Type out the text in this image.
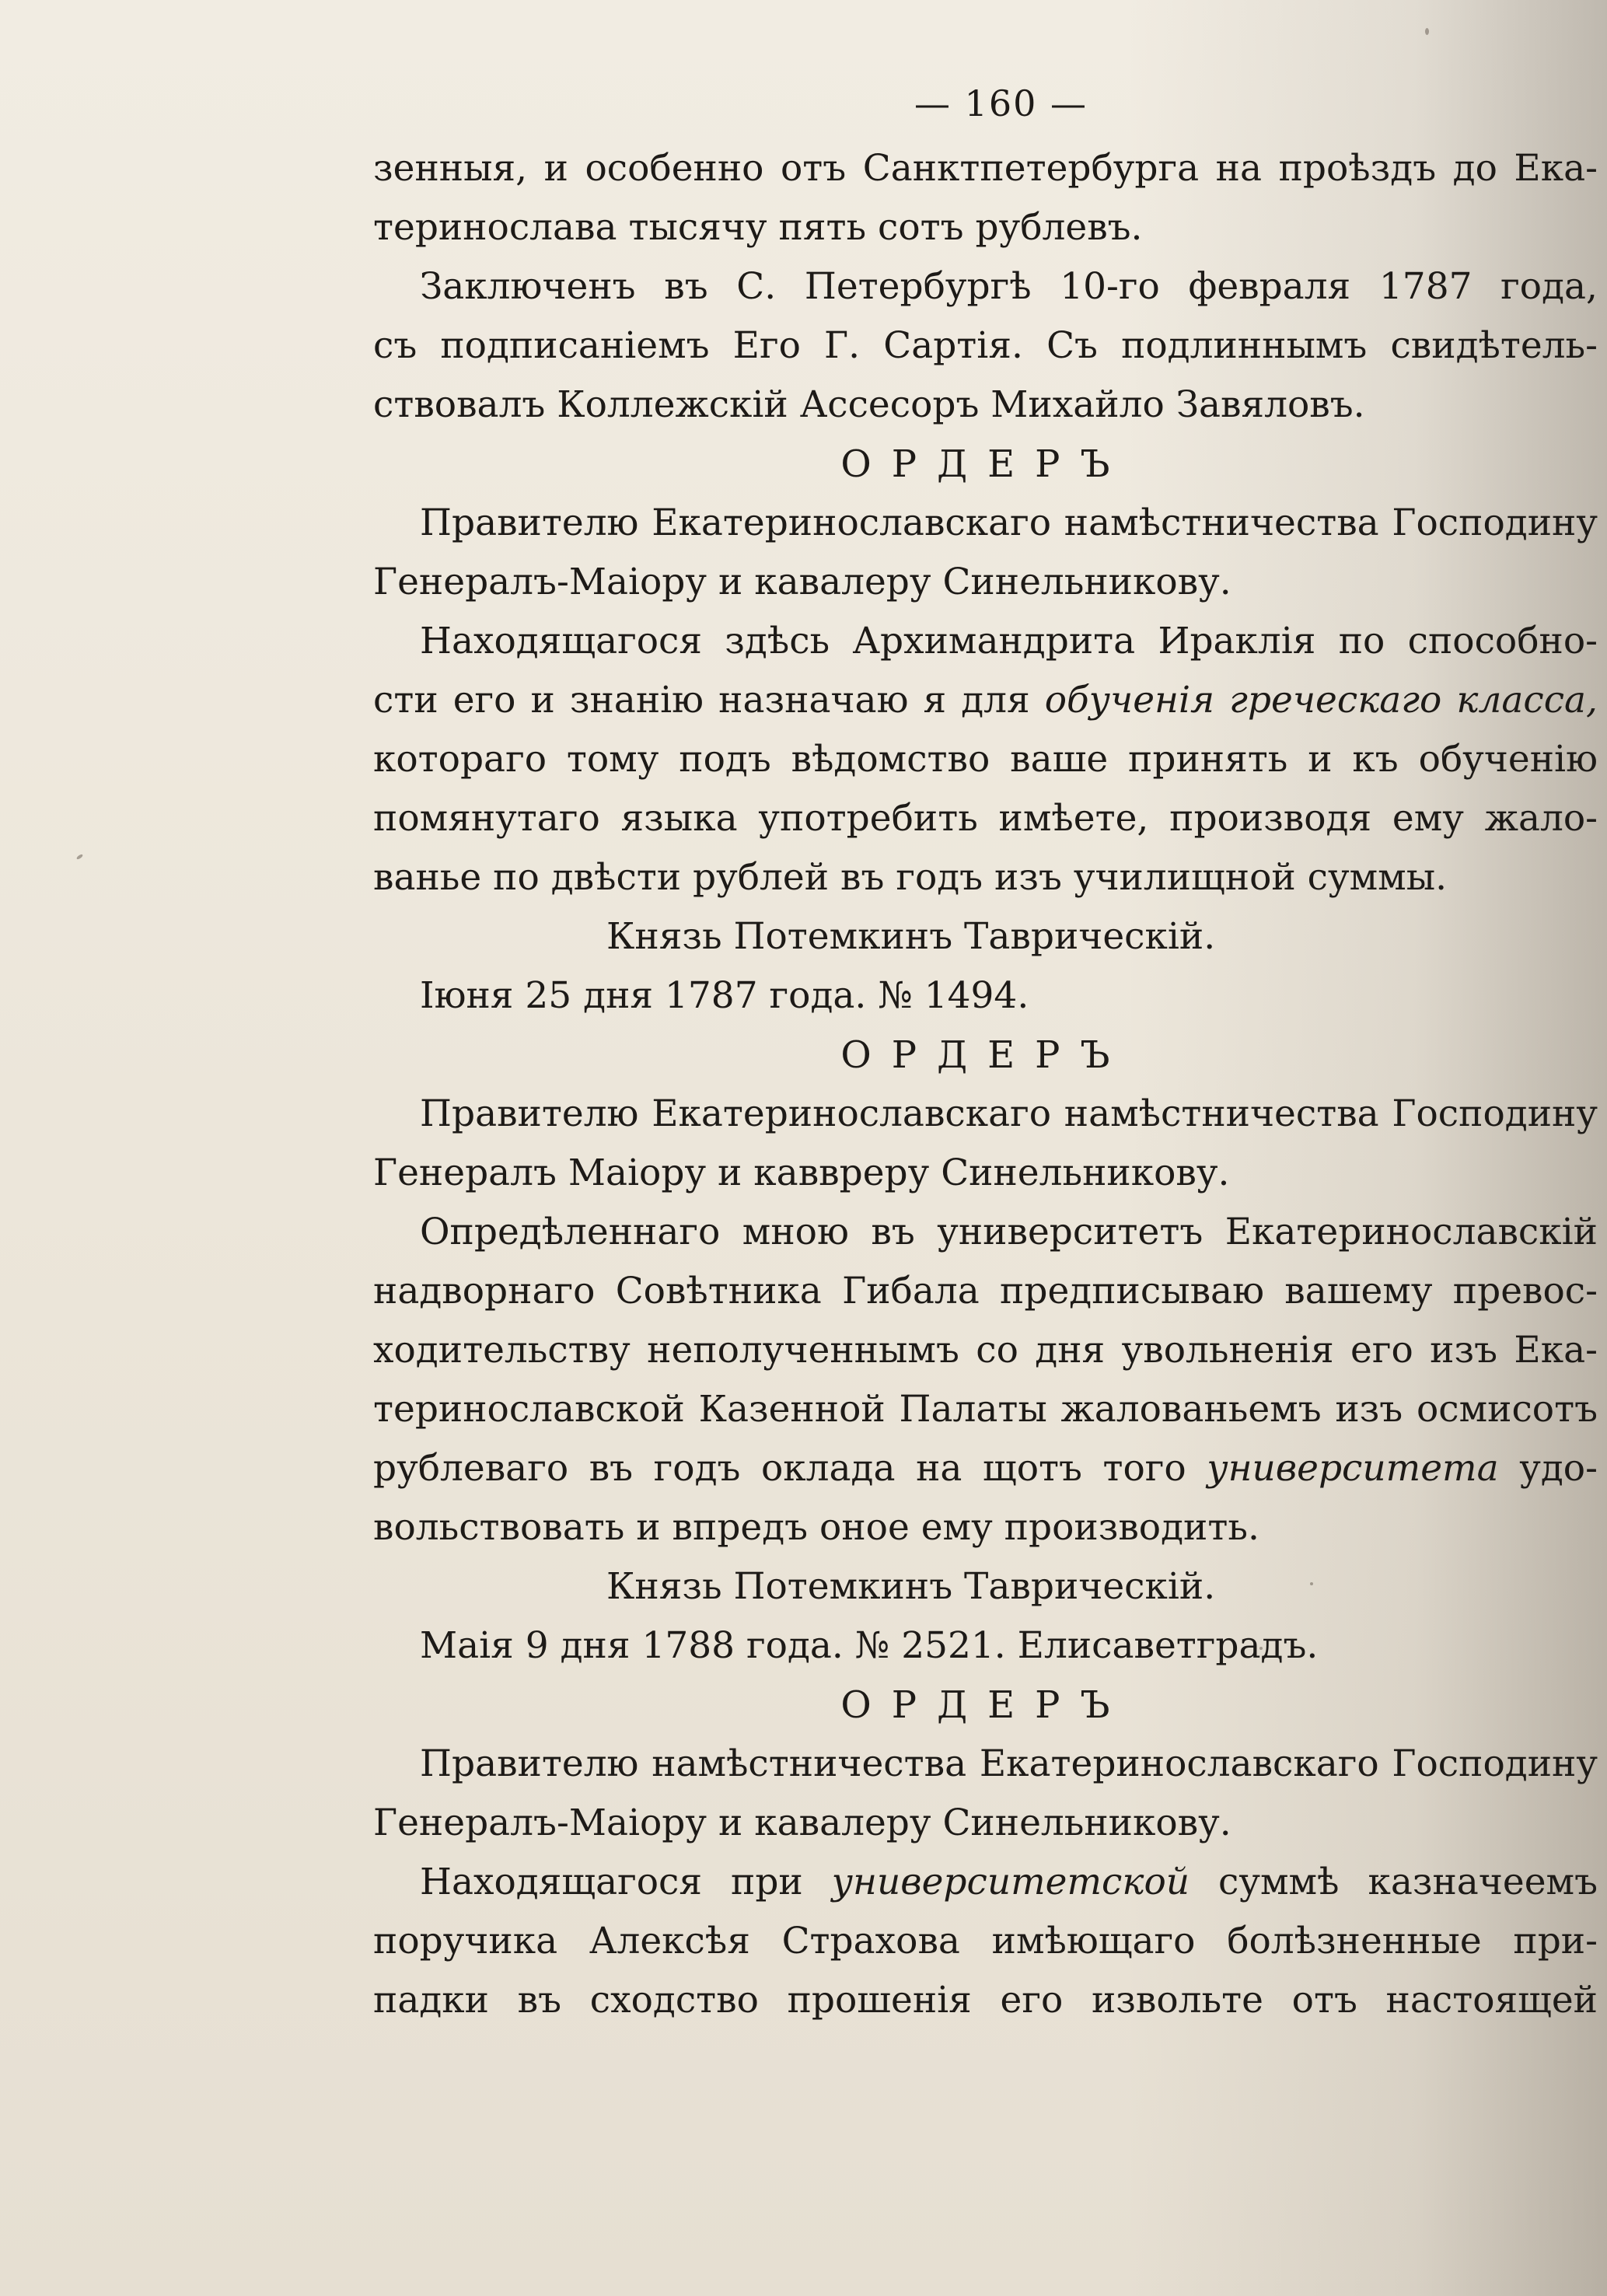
— 160 —
зенныя, и особенно отъ Санктпетербурга на проѣздъ до Ека-
теринослава тысячу пять сотъ рублевъ.
Заключенъ въ С. Петербургѣ 10-го февраля 1787 года,
съ подписаніемъ Его Г. Сартія. Съ подлиннымъ свидѣтель-
ствовалъ Коллежскій Ассесоръ Михайло Завяловъ.
ОРДЕРЪ
Правителю Екатеринославскаго намѣстничества Господину
Генералъ-Маіору и кавалеру Синельникову.
Находящагося здѣсь Архимандрита Ираклія по способно-
сти его и знанію назначаю я для обученія греческаго класса,
котораго тому подъ вѣдомство ваше принять и къ обученію
помянутаго языка употребить имѣете, производя ему жало-
ванье по двѣсти рублей въ годъ изъ училищной суммы.
Князь Потемкинъ Таврическій.
Іюня 25 дня 1787 года. № 1494.
ОРДЕРЪ
Правителю Екатеринославскаго намѣстничества Господину
Генералъ Маіору и каввреру Синельникову.
Опредѣленнаго мною въ университетъ Екатеринославскій
надворнаго Совѣтника Гибала предписываю вашему превос-
ходительству неполученнымъ со дня увольненія его изъ Ека-
теринославской Казенной Палаты жалованьемъ изъ осмисотъ
рублеваго въ годъ оклада на щотъ того университета удо-
вольствовать и впредъ оное ему производить.
Князь Потемкинъ Таврическій.
Маія 9 дня 1788 года. № 2521. Елисаветградъ.
ОРДЕРЪ
Правителю намѣстничества Екатеринославскаго Господину
Генералъ-Маіору и кавалеру Синельникову.
Находящагося при университетской суммѣ казначеемъ
поручика Алексѣя Страхова имѣющаго болѣзненные при-
падки въ сходство прошенія его извольте отъ настоящей
